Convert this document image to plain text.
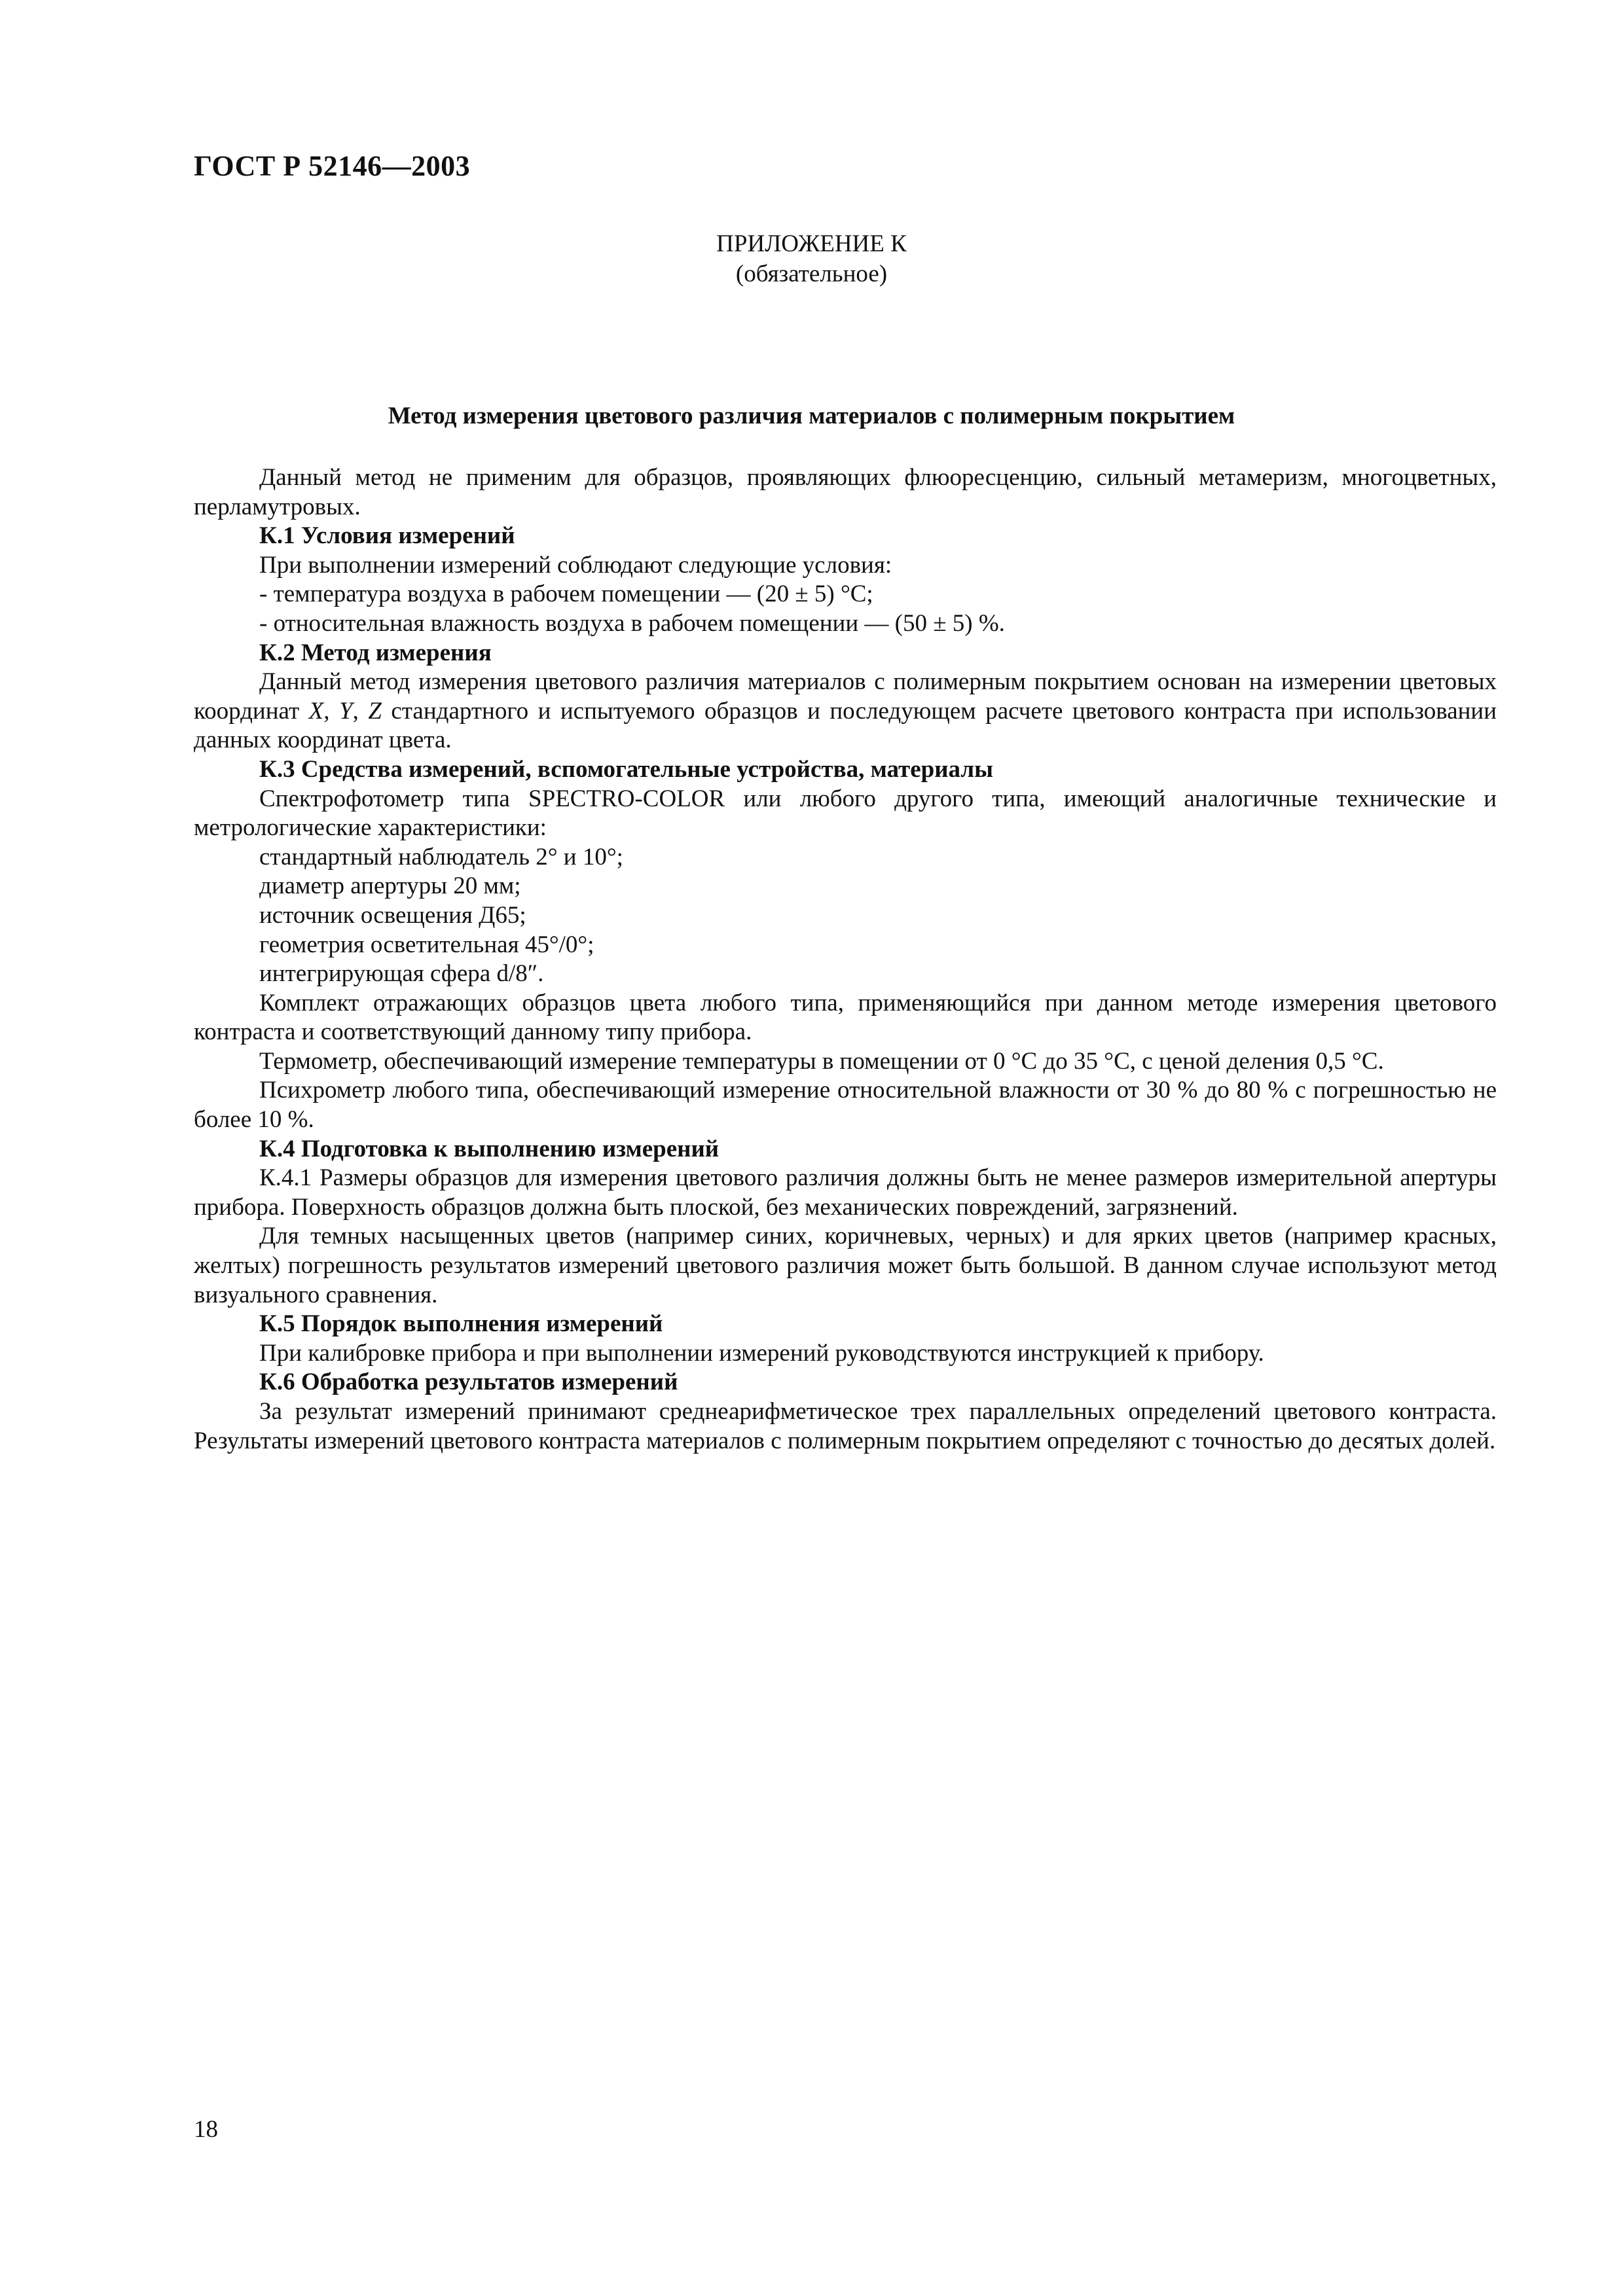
ГОСТ Р 52146—2003
ПРИЛОЖЕНИЕ К
(обязательное)
Метод измерения цветового различия материалов с полимерным покрытием

Данный метод не применим для образцов, проявляющих флюоресценцию, сильный метамеризм, многоцветных, перламутровых.

К.1 Условия измерений

При выполнении измерений соблюдают следующие условия:

- температура воздуха в рабочем помещении — (20 ± 5) °С;

- относительная влажность воздуха в рабочем помещении — (50 ± 5) %.

К.2 Метод измерения

Данный метод измерения цветового различия материалов с полимерным покрытием основан на измерении цветовых координат X, Y, Z стандартного и испытуемого образцов и последующем расчете цветового контраста при использовании данных координат цвета.

К.3 Средства измерений, вспомогательные устройства, материалы

Спектрофотометр типа SPECTRO-COLOR или любого другого типа, имеющий аналогичные технические и метрологические характеристики:

стандартный наблюдатель 2° и 10°;

диаметр апертуры 20 мм;

источник освещения Д65;

геометрия осветительная 45°/0°;

интегрирующая сфера d/8″.

Комплект отражающих образцов цвета любого типа, применяющийся при данном методе измерения цветового контраста и соответствующий данному типу прибора.

Термометр, обеспечивающий измерение температуры в помещении от 0 °С до 35 °С, с ценой деления 0,5 °С.

Психрометр любого типа, обеспечивающий измерение относительной влажности от 30 % до 80 % с погрешностью не более 10 %.

К.4 Подготовка к выполнению измерений

К.4.1 Размеры образцов для измерения цветового различия должны быть не менее размеров измерительной апертуры прибора. Поверхность образцов должна быть плоской, без механических повреждений, загрязнений.

Для темных насыщенных цветов (например синих, коричневых, черных) и для ярких цветов (например красных, желтых) погрешность результатов измерений цветового различия может быть большой. В данном случае используют метод визуального сравнения.

К.5 Порядок выполнения измерений

При калибровке прибора и при выполнении измерений руководствуются инструкцией к прибору.

К.6 Обработка результатов измерений

За результат измерений принимают среднеарифметическое трех параллельных определений цветового контраста. Результаты измерений цветового контраста материалов с полимерным покрытием определяют с точностью до десятых долей.

18
